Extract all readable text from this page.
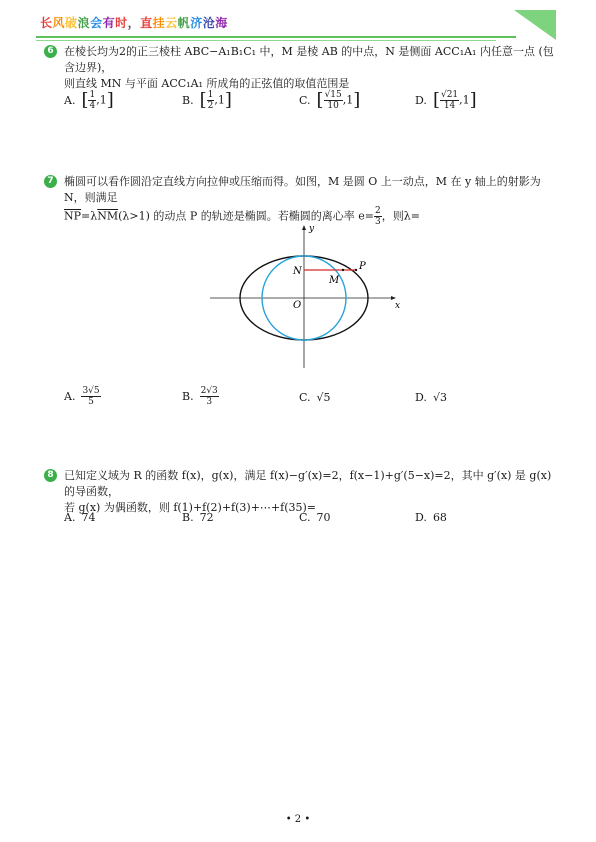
长风破浪会有时，直挂云帆济沧海
6 在棱长均为2的正三棱柱 ABC−A₁B₁C₁ 中，M 是棱 AB 的中点，N 是侧面 ACC₁A₁ 内任意一点 (包含边界)，
则直线 MN 与平面 ACC₁A₁ 所成角的正弦值的取值范围是
A. [ $\frac{1}{4} ,1$]	B. [ $\frac{1}{2} ,1$]	C. [ $\frac{√15}{10} ,1$]	D. [ $\frac{√21}{14} ,1$]
7 椭圆可以看作圆沿定直线方向拉伸或压缩而得。如图，M 是圆 O 上一动点，M 在 y 轴上的射影为 N，则满足
$\overline{NP}=\lambda\overline{NM}(\lambda>1)$ 的动点 P 的轨迹是椭圆。若椭圆的离心率 $e= \frac{2}{3}$ ，则λ=
y
x
N
M
P
O
A. $\frac{3√5}{5}$	B. $\frac{2√3}{3}$	C. √5	D. √3
8 已知定义域为 R 的函数 f(x)，g(x)，满足 f(x)−g′(x)=2，f(x−1)+g′(5−x)=2，其中 g′(x) 是 g(x) 的导函数，
若 g(x) 为偶函数，则 f(1)+f(2)+f(3)+⋯+f(35)=
A. 74	B. 72	C. 70	D. 68
• 2 •
